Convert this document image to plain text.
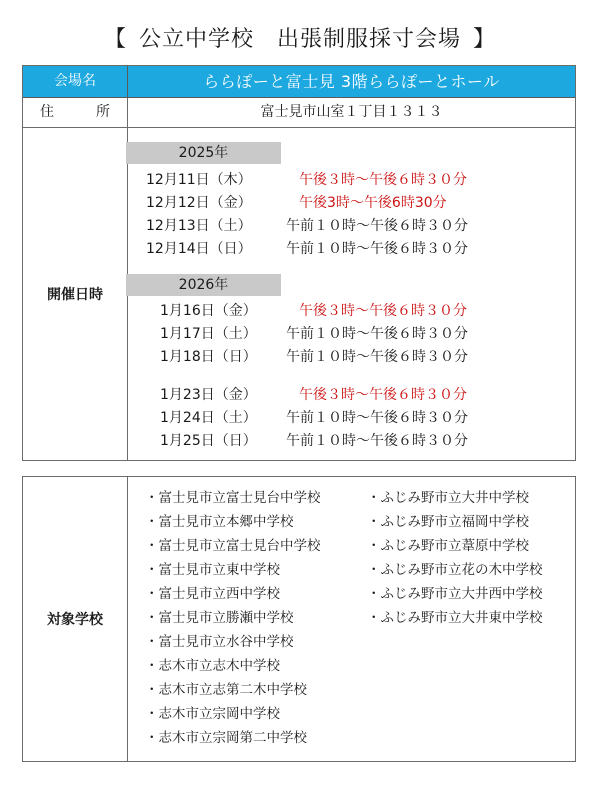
【 公立中学校　出張制服採寸会場 】
会場名	ららぽーと富士見 3階ららぽーとホール
住　所	富士見市山室１丁目１３１３
開催日時
2025年
12月11日（木）	午後３時～午後６時３０分
12月12日（金）	午後3時～午後6時30分
12月13日（土） 午前１０時～午後６時３０分
12月14日（日） 午前１０時～午後６時３０分
2026年
1月16日（金）	午後３時～午後６時３０分
1月17日（土） 午前１０時～午後６時３０分
1月18日（日） 午前１０時～午後６時３０分
1月23日（金）	午後３時～午後６時３０分
1月24日（土） 午前１０時～午後６時３０分
1月25日（日） 午前１０時～午後６時３０分
対象学校
・富士見市立富士見台中学校
・富士見市立本郷中学校
・富士見市立富士見台中学校
・富士見市立東中学校
・富士見市立西中学校
・富士見市立勝瀬中学校
・富士見市立水谷中学校
・志木市立志木中学校
・志木市立志第二木中学校
・志木市立宗岡中学校
・志木市立宗岡第二中学校
・ふじみ野市立大井中学校
・ふじみ野市立福岡中学校
・ふじみ野市立葦原中学校
・ふじみ野市立花の木中学校
・ふじみ野市立大井西中学校
・ふじみ野市立大井東中学校
